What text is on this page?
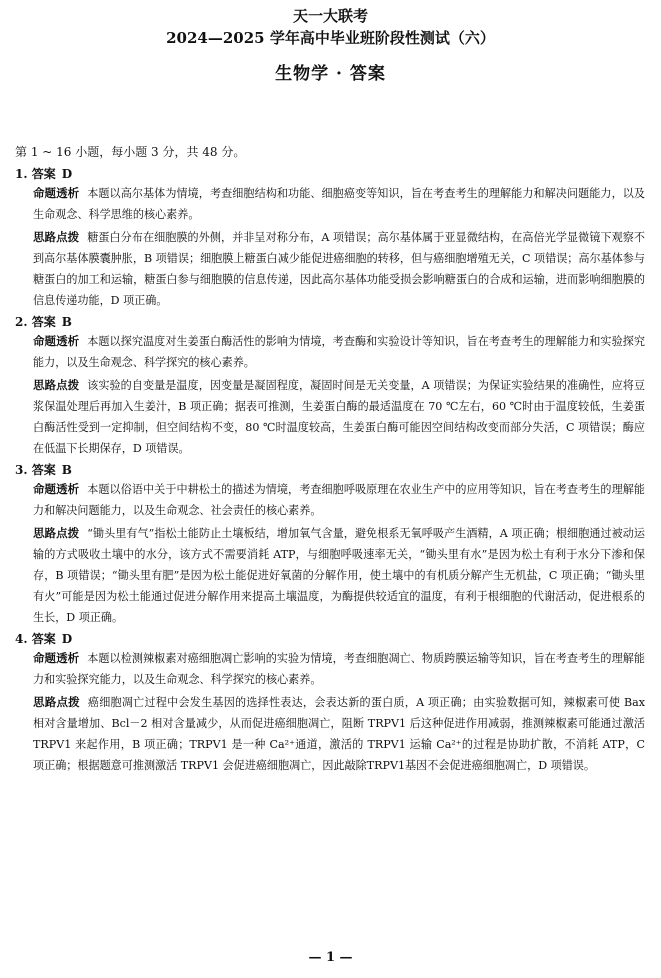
天一大联考
2024—2025 学年高中毕业班阶段性测试（六）
生物学 · 答案
第 1 ~ 16 小题，每小题 3 分，共 48 分。
1. 答案 D

命题透析 本题以高尔基体为情境，考查细胞结构和功能、细胞癌变等知识，旨在考查考生的理解能力和解决问题能力，以及生命观念、科学思维的核心素养。

思路点拨 糖蛋白分布在细胞膜的外侧，并非呈对称分布，A 项错误；高尔基体属于亚显微结构，在高倍光学显微镜下观察不到高尔基体膜囊肿胀，B 项错误；细胞膜上糖蛋白减少能促进癌细胞的转移，但与癌细胞增殖无关，C 项错误；高尔基体参与糖蛋白的加工和运输，糖蛋白参与细胞膜的信息传递，因此高尔基体功能受损会影响糖蛋白的合成和运输，进而影响细胞膜的信息传递功能，D 项正确。

2. 答案 B

命题透析 本题以探究温度对生姜蛋白酶活性的影响为情境，考查酶和实验设计等知识，旨在考查考生的理解能力和实验探究能力，以及生命观念、科学探究的核心素养。

思路点拨 该实验的自变量是温度，因变量是凝固程度，凝固时间是无关变量，A 项错误；为保证实验结果的准确性，应将豆浆保温处理后再加入生姜汁，B 项正确；据表可推测，生姜蛋白酶的最适温度在 70 ℃左右，60 ℃时由于温度较低，生姜蛋白酶活性受到一定抑制，但空间结构不变，80 ℃时温度较高，生姜蛋白酶可能因空间结构改变而部分失活，C 项错误；酶应在低温下长期保存，D 项错误。

3. 答案 B

命题透析 本题以俗语中关于中耕松土的描述为情境，考查细胞呼吸原理在农业生产中的应用等知识，旨在考查考生的理解能力和解决问题能力，以及生命观念、社会责任的核心素养。

思路点拨 “锄头里有气”指松土能防止土壤板结，增加氧气含量，避免根系无氧呼吸产生酒精，A 项正确；根细胞通过被动运输的方式吸收土壤中的水分，该方式不需要消耗 ATP，与细胞呼吸速率无关，“锄头里有水”是因为松土有利于水分下渗和保存，B 项错误；“锄头里有肥”是因为松土能促进好氧菌的分解作用，使土壤中的有机质分解产生无机盐，C 项正确；“锄头里有火”可能是因为松土能通过促进分解作用来提高土壤温度，为酶提供较适宜的温度，有利于根细胞的代谢活动，促进根系的生长，D 项正确。

4. 答案 D

命题透析 本题以检测辣椒素对癌细胞凋亡影响的实验为情境，考查细胞凋亡、物质跨膜运输等知识，旨在考查考生的理解能力和实验探究能力，以及生命观念、科学探究的核心素养。

思路点拨 癌细胞凋亡过程中会发生基因的选择性表达，会表达新的蛋白质，A 项正确；由实验数据可知，辣椒素可使 Bax 相对含量增加、Bcl－2 相对含量减少，从而促进癌细胞凋亡，阻断 TRPV1 后这种促进作用减弱，推测辣椒素可能通过激活 TRPV1 来起作用，B 项正确；TRPV1 是一种 Ca²⁺通道，激活的 TRPV1 运输 Ca²⁺的过程是协助扩散，不消耗 ATP，C 项正确；根据题意可推测激活 TRPV1 会促进癌细胞凋亡，因此敲除TRPV1基因不会促进癌细胞凋亡，D 项错误。

— 1 —
